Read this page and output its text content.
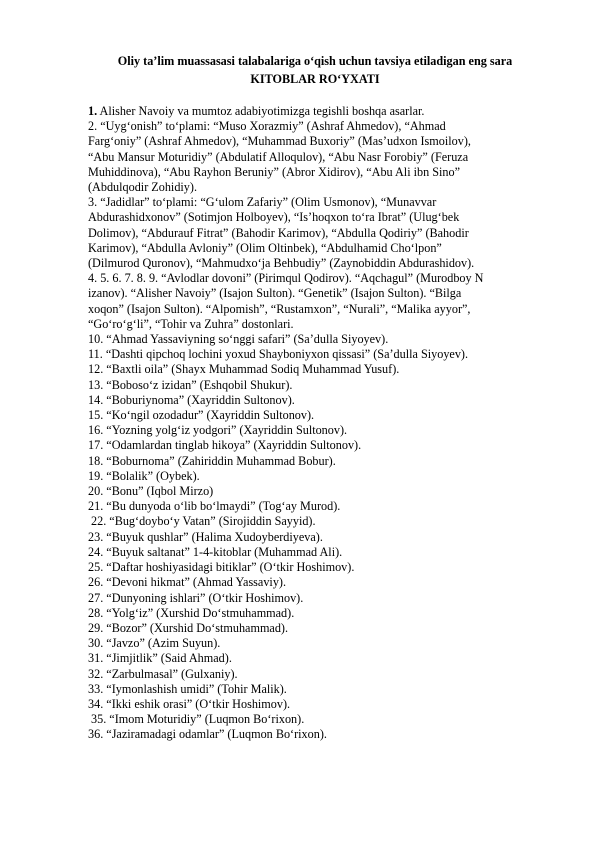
Oliy ta’lim muassasasi talabalariga o‘qish uchun tavsiya etiladigan eng sara
KITOBLAR RO‘YXATI
1. Alisher Navoiy va mumtoz adabiyotimizga tegishli boshqa asarlar.
2. “Uyg‘onish” to‘plami: “Muso Xorazmiy” (Ashraf Ahmedov), “Ahmad
Farg‘oniy” (Ashraf Ahmedov), “Muhammad Buxoriy” (Mas’udxon Ismoilov),
“Abu Mansur Moturidiy” (Abdulatif Alloqulov), “Abu Nasr Forobiy” (Feruza
Muhiddinova), “Abu Rayhon Beruniy” (Abror Xidirov), “Abu Ali ibn Sino”
(Abdulqodir Zohidiy).
3. “Jadidlar” to‘plami: “G‘ulom Zafariy” (Olim Usmonov), “Munavvar
Abdurashidxonov” (Sotimjon Holboyev), “Is’hoqxon to‘ra Ibrat” (Ulug‘bek
Dolimov), “Abdurauf Fitrat” (Bahodir Karimov), “Abdulla Qodiriy” (Bahodir
Karimov), “Abdulla Avloniy” (Olim Oltinbek), “Abdulhamid Cho‘lpon”
(Dilmurod Quronov), “Mahmudxo‘ja Behbudiy” (Zaynobiddin Abdurashidov).
4. 5. 6. 7. 8. 9. “Avlodlar dovoni” (Pirimqul Qodirov). “Aqchagul” (Murodboy N
izanov). “Alisher Navoiy” (Isajon Sulton). “Genetik” (Isajon Sulton). “Bilga
xoqon” (Isajon Sulton). “Alpomish”, “Rustamxon”, “Nurali”, “Malika ayyor”,
“Go‘ro‘g‘li”, “Tohir va Zuhra” dostonlari.
10. “Ahmad Yassaviyning so‘nggi safari” (Sa’dulla Siyoyev).
11. “Dashti qipchoq lochini yoxud Shayboniyxon qissasi” (Sa’dulla Siyoyev).
12. “Baxtli oila” (Shayx Muhammad Sodiq Muhammad Yusuf).
13. “Boboso‘z izidan” (Eshqobil Shukur).
14. “Boburiynoma” (Xayriddin Sultonov).
15. “Ko‘ngil ozodadur” (Xayriddin Sultonov).
16. “Yozning yolg‘iz yodgori” (Xayriddin Sultonov).
17. “Odamlardan tinglab hikoya” (Xayriddin Sultonov).
18. “Boburnoma” (Zahiriddin Muhammad Bobur).
19. “Bolalik” (Oybek).
20. “Bonu” (Iqbol Mirzo)
21. “Bu dunyoda o‘lib bo‘lmaydi” (Tog‘ay Murod).
22. “Bug‘doybo‘y Vatan” (Sirojiddin Sayyid).
23. “Buyuk qushlar” (Halima Xudoyberdiyeva).
24. “Buyuk saltanat” 1-4-kitoblar (Muhammad Ali).
25. “Daftar hoshiyasidagi bitiklar” (O‘tkir Hoshimov).
26. “Devoni hikmat” (Ahmad Yassaviy).
27. “Dunyoning ishlari” (O‘tkir Hoshimov).
28. “Yolg‘iz” (Xurshid Do‘stmuhammad).
29. “Bozor” (Xurshid Do‘stmuhammad).
30. “Javzo” (Azim Suyun).
31. “Jimjitlik” (Said Ahmad).
32. “Zarbulmasal” (Gulxaniy).
33. “Iymonlashish umidi” (Tohir Malik).
34. “Ikki eshik orasi” (O‘tkir Hoshimov).
35. “Imom Moturidiy” (Luqmon Bo‘rixon).
36. “Jaziramadagi odamlar” (Luqmon Bo‘rixon).
